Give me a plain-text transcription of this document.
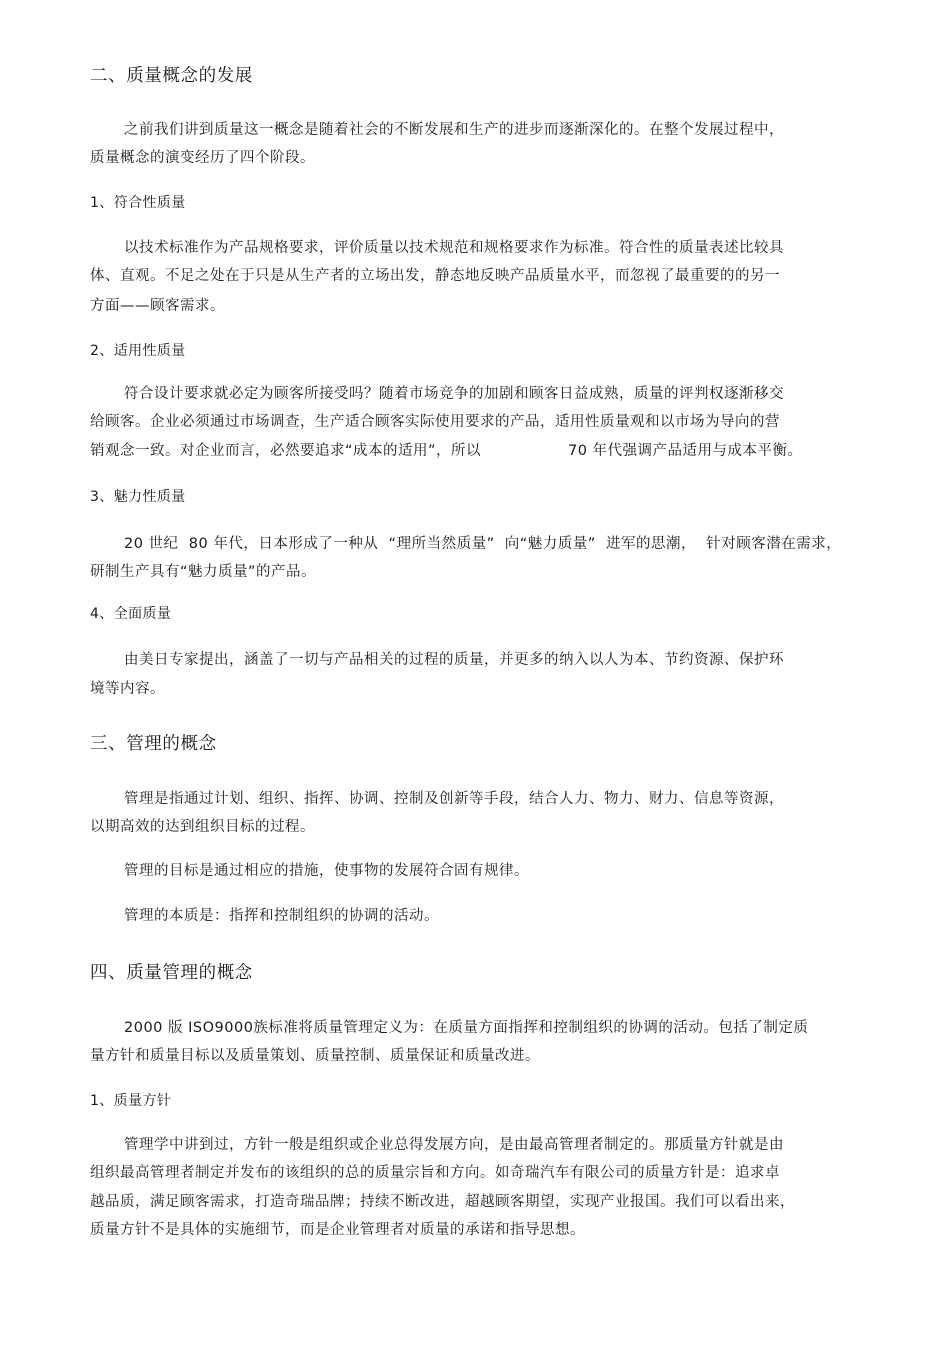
二、质量概念的发展

之前我们讲到质量这一概念是随着社会的不断发展和生产的进步而逐渐深化的。在整个发展过程中，

质量概念的演变经历了四个阶段。

1、符合性质量

以技术标准作为产品规格要求，评价质量以技术规范和规格要求作为标准。符合性的质量表述比较具

体、直观。不足之处在于只是从生产者的立场出发，静态地反映产品质量水平，而忽视了最重要的的另一

方面——顾客需求。

2、适用性质量

符合设计要求就必定为顾客所接受吗？随着市场竞争的加剧和顾客日益成熟，质量的评判权逐渐移交

给顾客。企业必须通过市场调查，生产适合顾客实际使用要求的产品，适用性质量观和以市场为导向的营

销观念一致。对企业而言，必然要追求“成本的适用”，所以	70 年代强调产品适用与成本平衡。

3、魅力性质量

20 世纪  80 年代，日本形成了一种从  “理所当然质量”  向“魅力质量”  进军的思潮，  针对顾客潜在需求，

研制生产具有“魅力质量”的产品。

4、全面质量

由美日专家提出，涵盖了一切与产品相关的过程的质量，并更多的纳入以人为本、节约资源、保护环

境等内容。

三、管理的概念

管理是指通过计划、组织、指挥、协调、控制及创新等手段，结合人力、物力、财力、信息等资源，

以期高效的达到组织目标的过程。

管理的目标是通过相应的措施，使事物的发展符合固有规律。

管理的本质是：指挥和控制组织的协调的活动。

四、质量管理的概念

2000 版 ISO9000族标准将质量管理定义为：在质量方面指挥和控制组织的协调的活动。包括了制定质

量方针和质量目标以及质量策划、质量控制、质量保证和质量改进。

1、质量方针

管理学中讲到过，方针一般是组织或企业总得发展方向，是由最高管理者制定的。那质量方针就是由

组织最高管理者制定并发布的该组织的总的质量宗旨和方向。如奇瑞汽车有限公司的质量方针是：追求卓

越品质，满足顾客需求，打造奇瑞品牌；持续不断改进，超越顾客期望，实现产业报国。我们可以看出来，

质量方针不是具体的实施细节，而是企业管理者对质量的承诺和指导思想。
